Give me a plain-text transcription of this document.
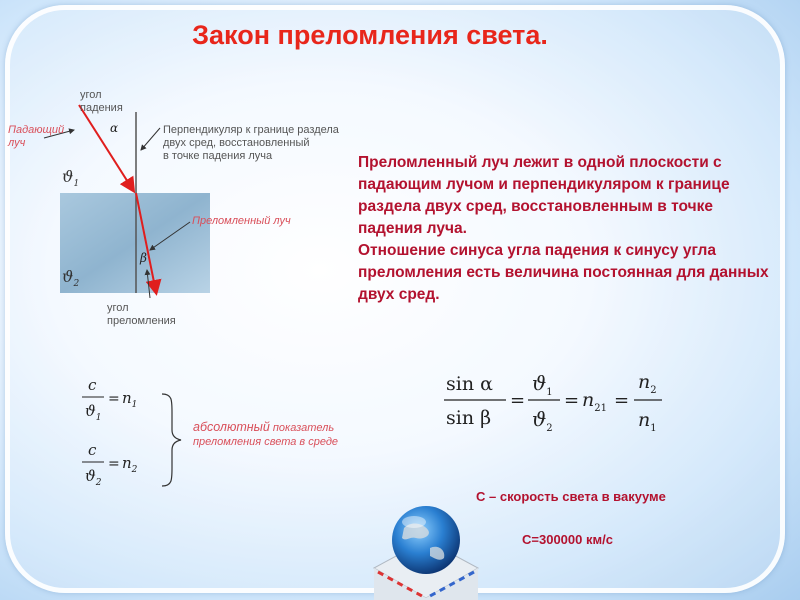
Закон преломления света.
α
β
$ϑ_1$
$ϑ_2$
угол
падения
Падающий
луч
Перпендикуляр к границе раздела
двух сред, восстановленный
в точке падения луча
Преломленный луч
угол
преломления

Преломленный луч лежит в одной плоскости с падающим лучом и перпендикуляром к границе раздела двух сред, восстановленным в точке падения луча.

Отношение синуса угла падения к синусу угла преломления есть величина постоянная для данных двух сред.

c
$ϑ_1$
= $n_1$
c
$ϑ_2$
= $n_2$
абсолютный показатель преломления света в среде
sin α
sin β
=
$ϑ_1$
$ϑ_2$
= $n_{21}$ =
$n_2$
$n_1$
С – скорость света в вакууме
С=300000 км/с
